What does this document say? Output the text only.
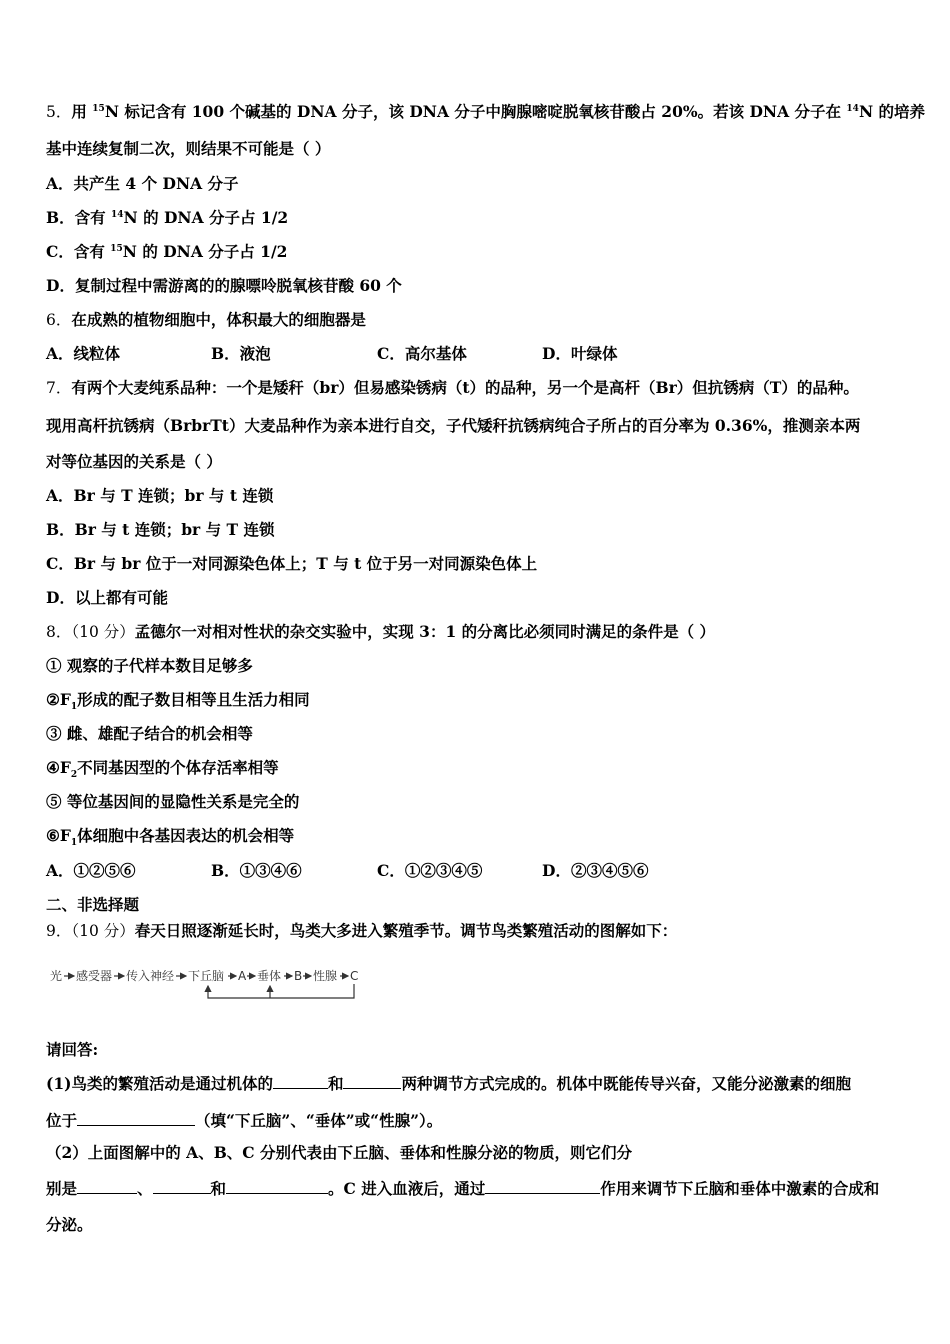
5．用 $^{15}$N 标记含有 100 个碱基的 DNA 分子，该 DNA 分子中胸腺嘧啶脱氧核苷酸占 20%。若该 DNA 分子在 $^{14}$N 的培养
基中连续复制二次，则结果不可能是（ ）
A．共产生 4 个 DNA 分子
B．含有 $^{14}$N 的 DNA 分子占 1/2
C．含有 $^{15}$N 的 DNA 分子占 1/2
D．复制过程中需游离的的腺嘌呤脱氧核苷酸 60 个
6．在成熟的植物细胞中，体积最大的细胞器是
A．线粒体	B．液泡	C．高尔基体	D．叶绿体
7．有两个大麦纯系品种：一个是矮秆（br）但易感染锈病（t）的品种，另一个是高杆（Br）但抗锈病（T）的品种。
现用高杆抗锈病（BrbrTt）大麦品种作为亲本进行自交，子代矮秆抗锈病纯合子所占的百分率为 0.36%，推测亲本两
对等位基因的关系是（ ）
A．Br 与 T 连锁；br 与 t 连锁
B．Br 与 t 连锁；br 与 T 连锁
C．Br 与 br 位于一对同源染色体上；T 与 t 位于另一对同源染色体上
D．以上都有可能
8．（10 分）孟德尔一对相对性状的杂交实验中，实现 3：1 的分离比必须同时满足的条件是（ ）
① 观察的子代样本数目足够多
$②F_1$形成的配子数目相等且生活力相同
③ 雌、雄配子结合的机会相等
$④F_2$不同基因型的个体存活率相等
⑤ 等位基因间的显隐性关系是完全的
$⑥F_1$体细胞中各基因表达的机会相等
A．①②⑤⑥	B．①③④⑥	C．①②③④⑤	D．②③④⑤⑥
二、非选择题
9．（10 分）春天日照逐渐延长时，鸟类大多进入繁殖季节。调节鸟类繁殖活动的图解如下：
光 感受器 传入神经 下丘脑 A 垂体 B 性腺 C
请回答:
(1)鸟类的繁殖活动是通过机体的	和	两种调节方式完成的。机体中既能传导兴奋，又能分泌激素的细胞
位于	（填“下丘脑”、“垂体”或“性腺”）。
（2）上面图解中的 A、B、C 分别代表由下丘脑、垂体和性腺分泌的物质，则它们分
别是	、	和	。C 进入血液后，通过	作用来调节下丘脑和垂体中激素的合成和
分泌。
